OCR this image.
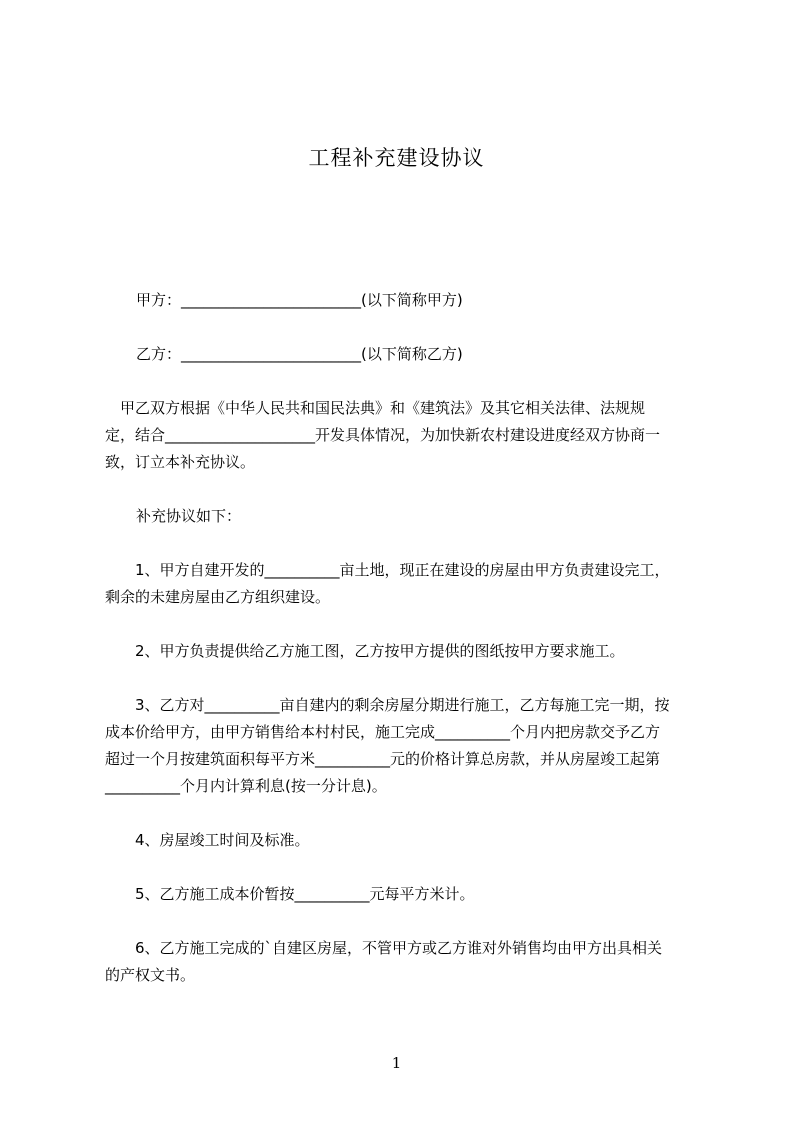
工程补充建设协议
甲方：________________________(以下简称甲方)
乙方：________________________(以下简称乙方)
　甲乙双方根据《中华人民共和国民法典》和《建筑法》及其它相关法律、法规规
定，结合____________________开发具体情况，为加快新农村建设进度经双方协商一
致，订立本补充协议。
补充协议如下：
　　1、甲方自建开发的__________亩土地，现正在建设的房屋由甲方负责建设完工，
剩余的未建房屋由乙方组织建设。
　　2、甲方负责提供给乙方施工图，乙方按甲方提供的图纸按甲方要求施工。
　　3、乙方对__________亩自建内的剩余房屋分期进行施工，乙方每施工完一期，按
成本价给甲方，由甲方销售给本村村民，施工完成__________个月内把房款交予乙方
超过一个月按建筑面积每平方米__________元的价格计算总房款，并从房屋竣工起第
__________个月内计算利息(按一分计息)。
　　4、房屋竣工时间及标准。
　　5、乙方施工成本价暂按__________元每平方米计。
　　6、乙方施工完成的`自建区房屋，不管甲方或乙方谁对外销售均由甲方出具相关
的产权文书。
1
